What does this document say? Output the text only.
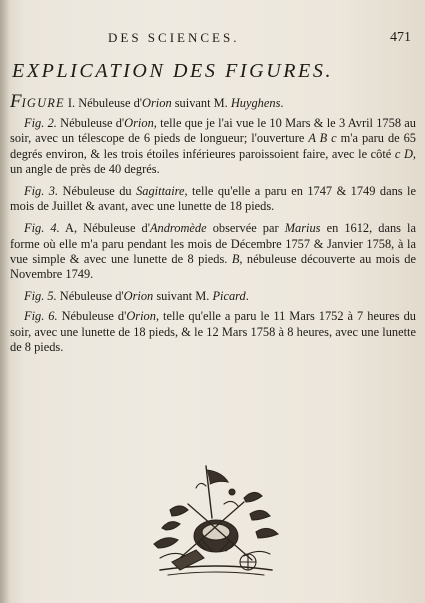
DES SCIENCES.	471
EXPLICATION DES FIGURES.

FIGURE I. Nébuleuse d'Orion suivant M. Huyghens.

Fig. 2. Nébuleuse d'Orion, telle que je l'ai vue le 10 Mars & le 3 Avril 1758 au soir, avec un télescope de 6 pieds de longueur; l'ouverture A B c m'a paru de 65 degrés environ, & les trois étoiles inférieures paroissoient faire, avec le côté c D, un angle de près de 40 degrés.

Fig. 3. Nébuleuse du Sagittaire, telle qu'elle a paru en 1747 & 1749 dans le mois de Juillet & avant, avec une lunette de 18 pieds.

Fig. 4. A, Nébuleuse d'Andromède observée par Marius en 1612, dans la forme où elle m'a paru pendant les mois de Décembre 1757 & Janvier 1758, à la vue simple & avec une lunette de 8 pieds. B, nébuleuse découverte au mois de Novembre 1749.

Fig. 5. Nébuleuse d'Orion suivant M. Picard.

Fig. 6. Nébuleuse d'Orion, telle qu'elle a paru le 11 Mars 1752 à 7 heures du soir, avec une lunette de 18 pieds, & le 12 Mars 1758 à 8 heures, avec une lunette de 8 pieds.
